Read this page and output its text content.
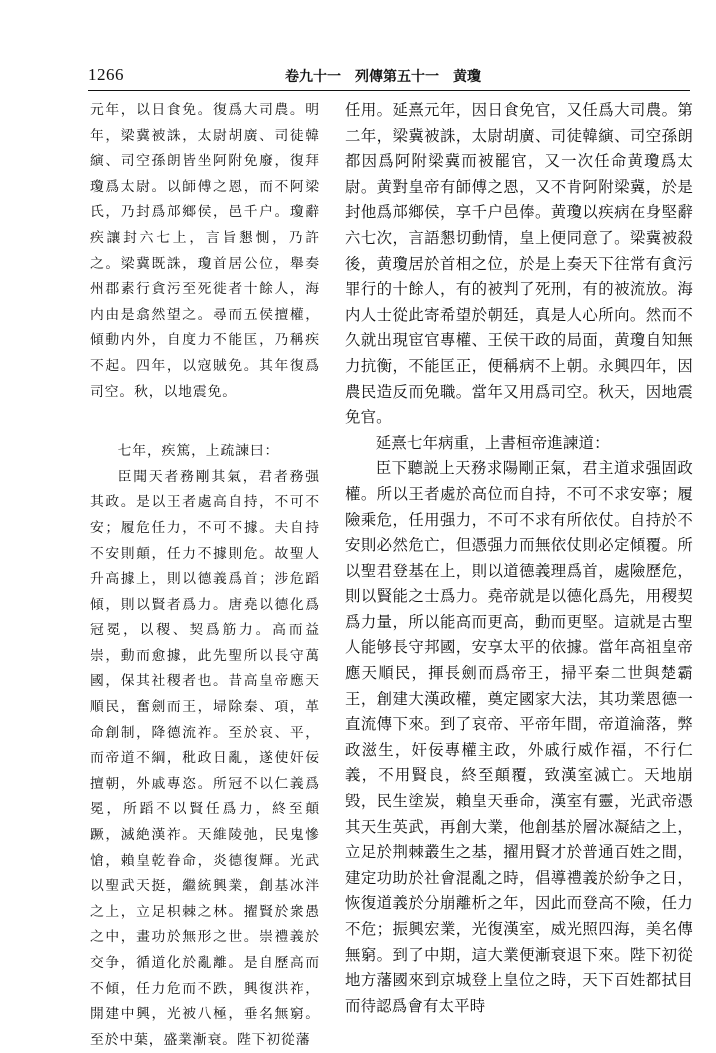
1266	卷九十一　列傳第五十一　黄瓊

元年，以日食免。復爲大司農。明年，梁冀被誅，太尉胡廣、司徒韓縯、司空孫朗皆坐阿附免廢，復拜瓊爲太尉。以師傅之恩，而不阿梁氏，乃封爲邟鄉侯，邑千户。瓊辭疾讓封六七上，言旨懇惻，乃許之。梁冀既誅，瓊首居公位，舉奏州郡素行貪污至死徙者十餘人，海内由是翕然望之。尋而五侯擅權，傾動内外，自度力不能匡，乃稱疾不起。四年，以寇賊免。其年復爲司空。秋，以地震免。

七年，疾篤，上疏諫曰：

臣聞天者務剛其氣，君者務强其政。是以王者處高自持，不可不安；履危任力，不可不據。夫自持不安則顛，任力不據則危。故聖人升高據上，則以德義爲首；涉危蹈傾，則以賢者爲力。唐堯以德化爲冠冕，以稷、契爲筋力。高而益崇，動而愈據，此先聖所以長守萬國，保其社稷者也。昔高皇帝應天順民，奮劍而王，埽除秦、項，革命創制，降德流祚。至於哀、平，而帝道不綱，秕政日亂，遂使奸佞擅朝，外戚專恣。所冠不以仁義爲冕，所蹈不以賢任爲力，終至顛蹶，滅絶漢祚。天維陵弛，民鬼慘愴，賴皇乾眷命，炎德復輝。光武以聖武天挺，繼統興業，創基冰泮之上，立足枳棘之林。擢賢於衆愚之中，畫功於無形之世。崇禮義於交争，循道化於亂離。是自歷高而不傾，任力危而不跌，興復洪祚，開建中興，光被八極，垂名無窮。至於中葉，盛業漸衰。陛下初從藩

任用。延熹元年，因日食免官，又任爲大司農。第二年，梁冀被誅，太尉胡廣、司徒韓縯、司空孫朗都因爲阿附梁冀而被罷官，又一次任命黄瓊爲太尉。黄對皇帝有師傅之恩，又不肯阿附梁冀，於是封他爲邟鄉侯，享千户邑俸。黄瓊以疾病在身堅辭六七次，言語懇切動情，皇上便同意了。梁冀被殺後，黄瓊居於首相之位，於是上奏天下往常有貪污罪行的十餘人，有的被判了死刑，有的被流放。海内人士從此寄希望於朝廷，真是人心所向。然而不久就出現宦官專權、王侯干政的局面，黄瓊自知無力抗衡，不能匡正，便稱病不上朝。永興四年，因農民造反而免職。當年又用爲司空。秋天，因地震免官。

延熹七年病重，上書桓帝進諫道：

臣下聽説上天務求陽剛正氣，君主道求强固政權。所以王者處於高位而自持，不可不求安寧；履險乘危，任用强力，不可不求有所依仗。自持於不安則必然危亡，但憑强力而無依仗則必定傾覆。所以聖君登基在上，則以道德義理爲首，處險歷危，則以賢能之士爲力。堯帝就是以德化爲先，用稷契爲力量，所以能高而更高，動而更堅。這就是古聖人能够長守邦國，安享太平的依據。當年高祖皇帝應天順民，揮長劍而爲帝王，掃平秦二世與楚霸王，創建大漢政權，奠定國家大法，其功業恩德一直流傳下來。到了哀帝、平帝年間，帝道淪落，弊政滋生，奸佞專權主政，外戚行威作福，不行仁義，不用賢良，終至顛覆，致漢室滅亡。天地崩毁，民生塗炭，賴皇天垂命，漢室有靈，光武帝憑其天生英武，再創大業，他創基於層冰凝結之上，立足於荆棘叢生之基，擢用賢才於普通百姓之間，建定功助於社會混亂之時，倡導禮義於紛争之日，恢復道義於分崩離析之年，因此而登高不險，任力不危；振興宏業，光復漢室，威光照四海，美名傳無窮。到了中期，這大業便漸衰退下來。陛下初從地方藩國來到京城登上皇位之時，天下百姓都拭目而待認爲會有太平時
